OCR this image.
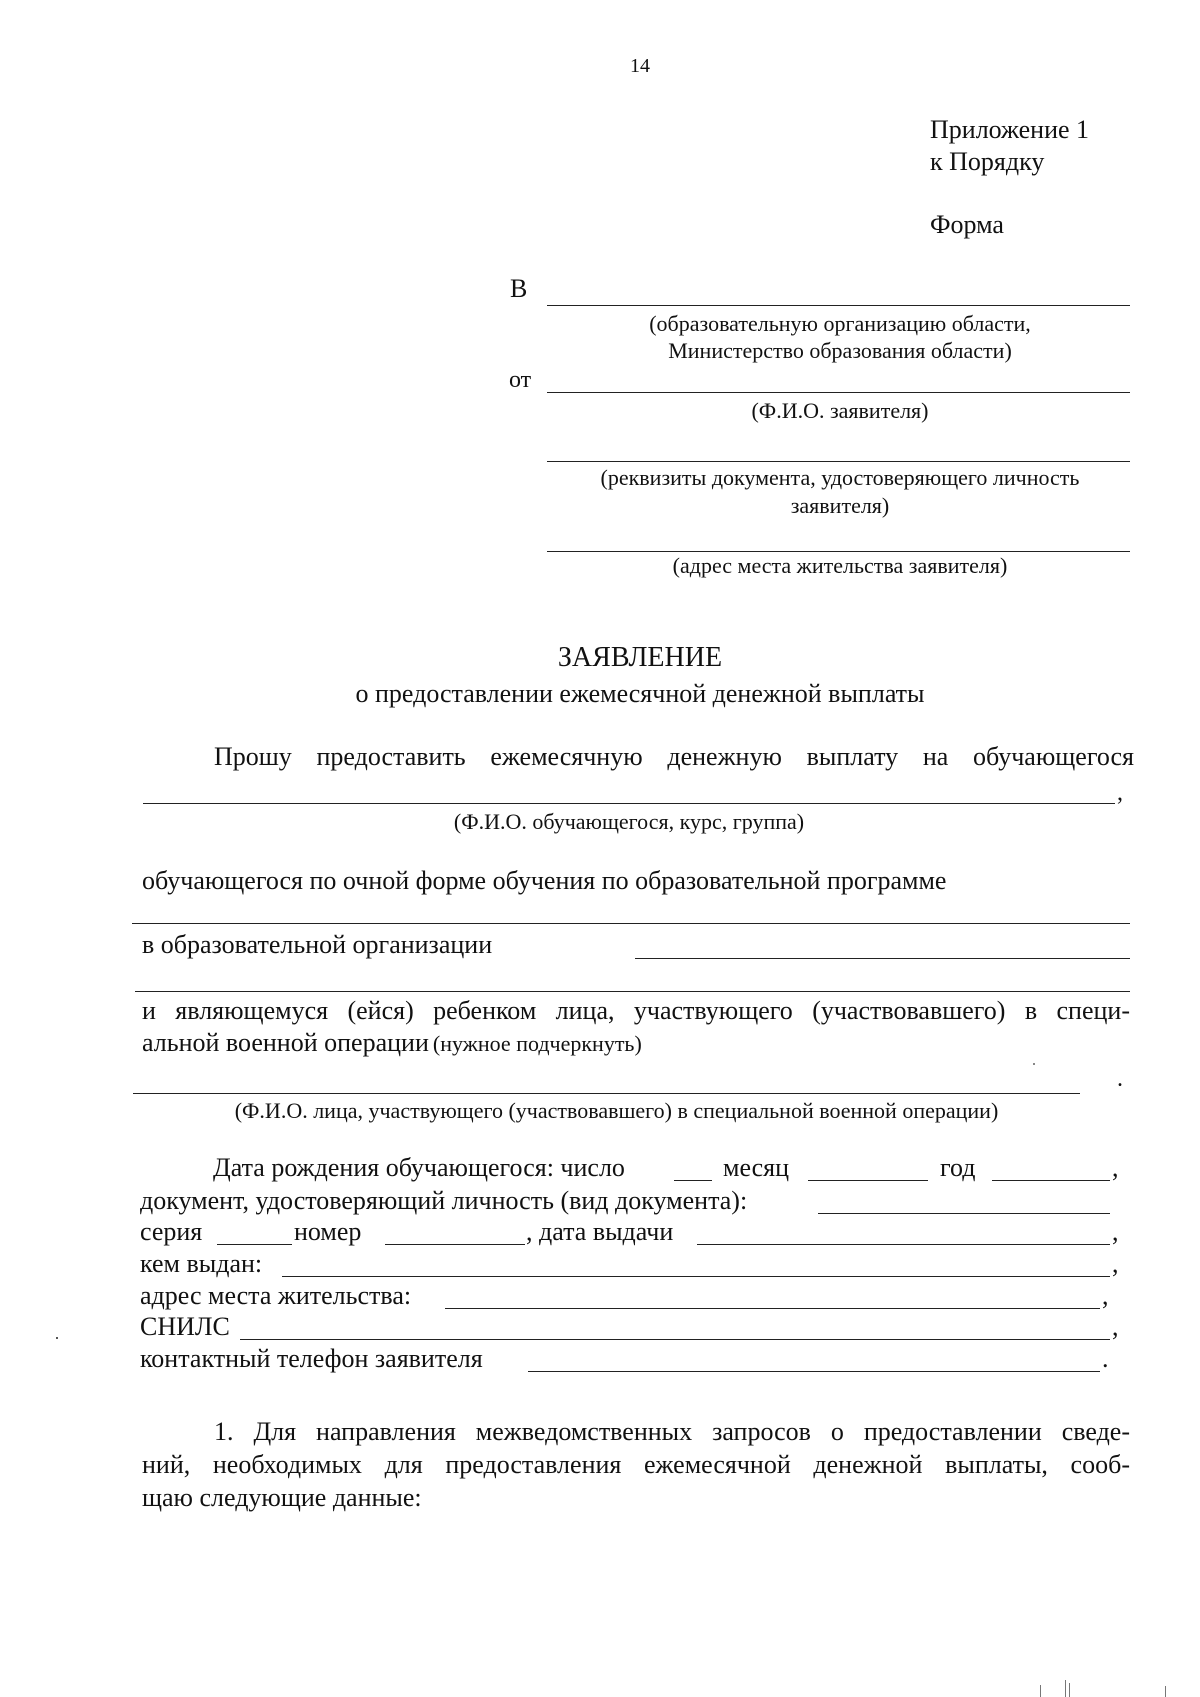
14
Приложение 1
к Порядку
Форма
В
(образовательную организацию области,
Министерство образования области)
от
(Ф.И.О. заявителя)
(реквизиты документа, удостоверяющего личность
заявителя)
(адрес места жительства заявителя)
ЗАЯВЛЕНИЕ
о предоставлении ежемесячной денежной выплаты
Прошу предоставить ежемесячную денежную выплату на обучающегося
,
(Ф.И.О. обучающегося, курс, группа)
обучающегося по очной форме обучения по образовательной программе
в образовательной организации
и являющемуся (ейся) ребенком лица, участвующего (участвовавшего) в специ-
альной военной операции (нужное подчеркнуть)
.
(Ф.И.О. лица, участвующего (участвовавшего) в специальной военной операции)
Дата рождения обучающегося: число	месяц	год	,
документ, удостоверяющий личность (вид документа):
серия	номер	, дата выдачи	,
кем выдан:	,
адрес места жительства:	,
СНИЛС	,
контактный телефон заявителя	.
1. Для направления межведомственных запросов о предоставлении сведе-
ний, необходимых для предоставления ежемесячной денежной выплаты, сооб-
щаю следующие данные:
